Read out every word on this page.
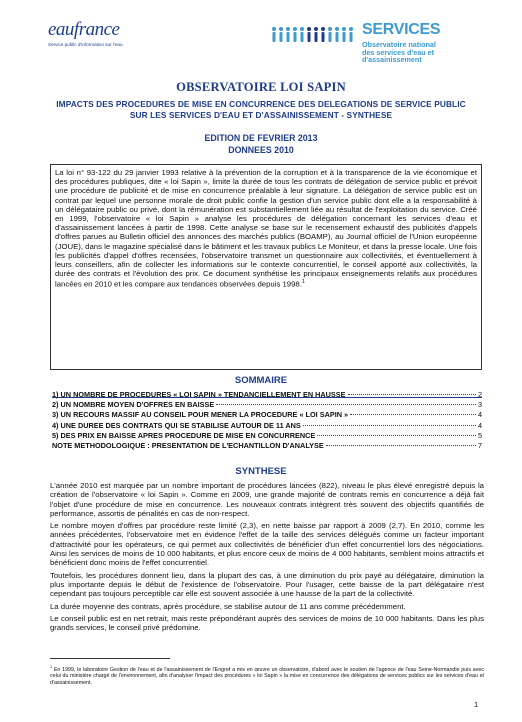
eaufrance
Service public d'information sur l'eau
SERVICES
Observatoire national
des services d'eau et d'assainissement
OBSERVATOIRE LOI SAPIN
IMPACTS DES PROCEDURES DE MISE EN CONCURRENCE DES DELEGATIONS DE SERVICE PUBLIC
SUR LES SERVICES D'EAU ET D'ASSAINISSEMENT - SYNTHESE
EDITION DE FEVRIER 2013
DONNEES 2010

La loi n° 93-122 du 29 janvier 1993 relative à la prévention de la corruption et à la transparence de la vie économique et des procédures publiques, dite « loi Sapin », limite la durée de tous les contrats de délégation de service public et prévoit une procédure de publicité et de mise en concurrence préalable à leur signature. La délégation de service public est un contrat par lequel une personne morale de droit public confie la gestion d'un service public dont elle a la responsabilité à un délégataire public ou privé, dont la rémunération est substantiellement liée au résultat de l'exploitation du service. Créé en 1999, l'observatoire « loi Sapin » analyse les procédures de délégation concernant les services d'eau et d'assainissement lancées à partir de 1998. Cette analyse se base sur le recensement exhaustif des publicités d'appels d'offres parues au Bulletin officiel des annonces des marchés publics (BOAMP), au Journal officiel de l'Union européenne (JOUE), dans le magazine spécialisé dans le bâtiment et les travaux publics Le Moniteur, et dans la presse locale. Une fois les publicités d'appel d'offres recensées, l'observatoire transmet un questionnaire aux collectivités, et éventuellement à leurs conseillers, afin de collecter les informations sur le contexte concurrentiel, le conseil apporté aux collectivités, la durée des contrats et l'évolution des prix. Ce document synthétise les principaux enseignements relatifs aux procédures lancées en 2010 et les compare aux tendances observées depuis 1998.$^1$

SOMMAIRE
1) UN NOMBRE DE PROCEDURES « LOI SAPIN » TENDANCIELLEMENT EN HAUSSE	2
2) UN NOMBRE MOYEN D'OFFRES EN BAISSE	3
3) UN RECOURS MASSIF AU CONSEIL POUR MENER LA PROCEDURE « LOI SAPIN »	4
4) UNE DUREE DES CONTRATS QUI SE STABILISE AUTOUR DE 11 ANS	4
5) DES PRIX EN BAISSE APRES PROCEDURE DE MISE EN CONCURRENCE	5
NOTE METHODOLOGIQUE : PRESENTATION DE L'ECHANTILLON D'ANALYSE	7
SYNTHESE

L'année 2010 est marquée par un nombre important de procédures lancées (822), niveau le plus élevé enregistré depuis la création de l'observatoire « loi Sapin ». Comme en 2009, une grande majorité de contrats remis en concurrence a déjà fait l'objet d'une procédure de mise en concurrence. Les nouveaux contrats intègrent très souvent des objectifs quantifiés de performance, assortis de pénalités en cas de non-respect.

Le nombre moyen d'offres par procédure reste limité (2,3), en nette baisse par rapport à 2009 (2,7). En 2010, comme les années précédentes, l'observatoire met en évidence l'effet de la taille des services délégués comme un facteur important d'attractivité pour les opérateurs, ce qui permet aux collectivités de bénéficier d'un effet concurrentiel lors des négociations. Ainsi les services de moins de 10 000 habitants, et plus encore ceux de moins de 4 000 habitants, semblent moins attractifs et bénéficient donc moins de l'effet concurrentiel.

Toutefois, les procédures donnent lieu, dans la plupart des cas, à une diminution du prix payé au délégataire, diminution la plus importante depuis le début de l'existence de l'observatoire. Pour l'usager, cette baisse de la part délégataire n'est cependant pas toujours perceptible car elle est souvent associée à une hausse de la part de la collectivité.

La durée moyenne des contrats, après procédure, se stabilise autour de 11 ans comme précédemment.

Le conseil public est en net retrait, mais reste prépondérant auprès des services de moins de 10 000 habitants. Dans les plus grands services, le conseil privé prédomine.

$^1$ En 1999, le laboratoire Gestion de l'eau et de l'assainissement de l'Engref a mis en œuvre un observatoire, d'abord avec le soutien de l'agence de l'eau Seine-Normandie puis avec celui du ministère chargé de l'environnement, afin d'analyser l'impact des procédures « loi Sapin » la mise en concurrence des délégations de services publics sur les services d'eau et d'assainissement.
1
